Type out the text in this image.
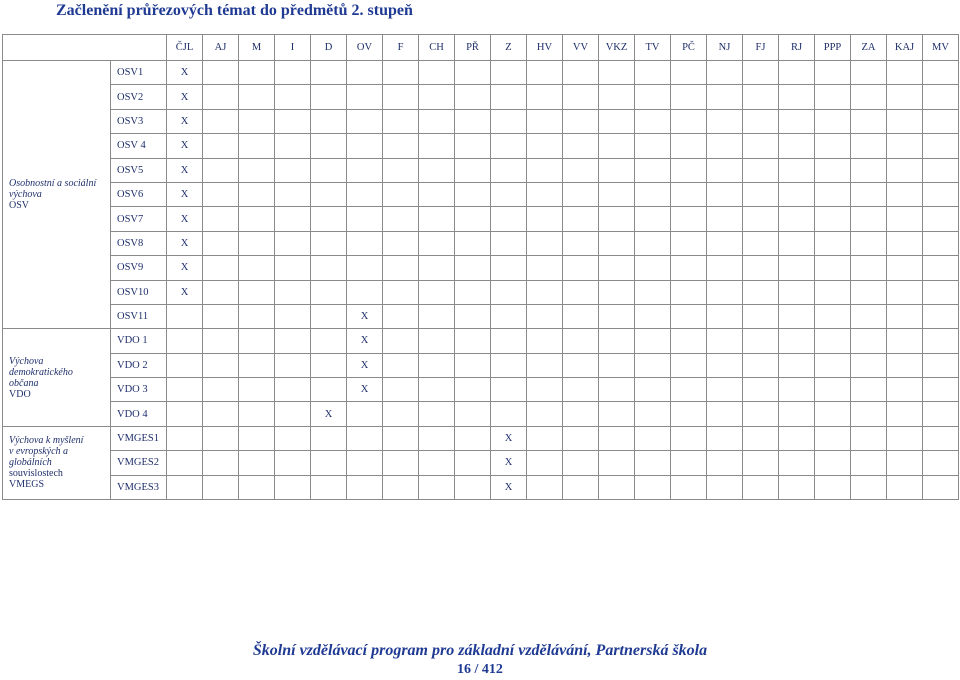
Začlenění průřezových témat do předmětů 2. stupeň
		ČJL	AJ	M	I	D	OV	F	CH	PŘ	Z	HV	VV	VKZ	TV	PČ	NJ	FJ	RJ	PPP	ZA	KAJ	MV

Osobnostní a sociální
výchova
OSV	OSV1	X																					
	OSV2	X																					
	OSV3	X																					
	OSV 4	X																					
	OSV5	X																					
	OSV6	X																					
	OSV7	X																					
	OSV8	X																					
	OSV9	X																					
	OSV10	X																					
	OSV11						X																

Výchova
demokratického
občana
VDO	VDO 1						X																
	VDO 2						X																
	VDO 3						X																
	VDO 4					X																	

Výchova k myšlení
v evropských a
globálních
souvislostech
VMEGS	VMGES1										X												
	VMGES2										X												
	VMGES3										X												
Školní vzdělávací program pro základní vzdělávání, Partnerská škola
16 / 412
